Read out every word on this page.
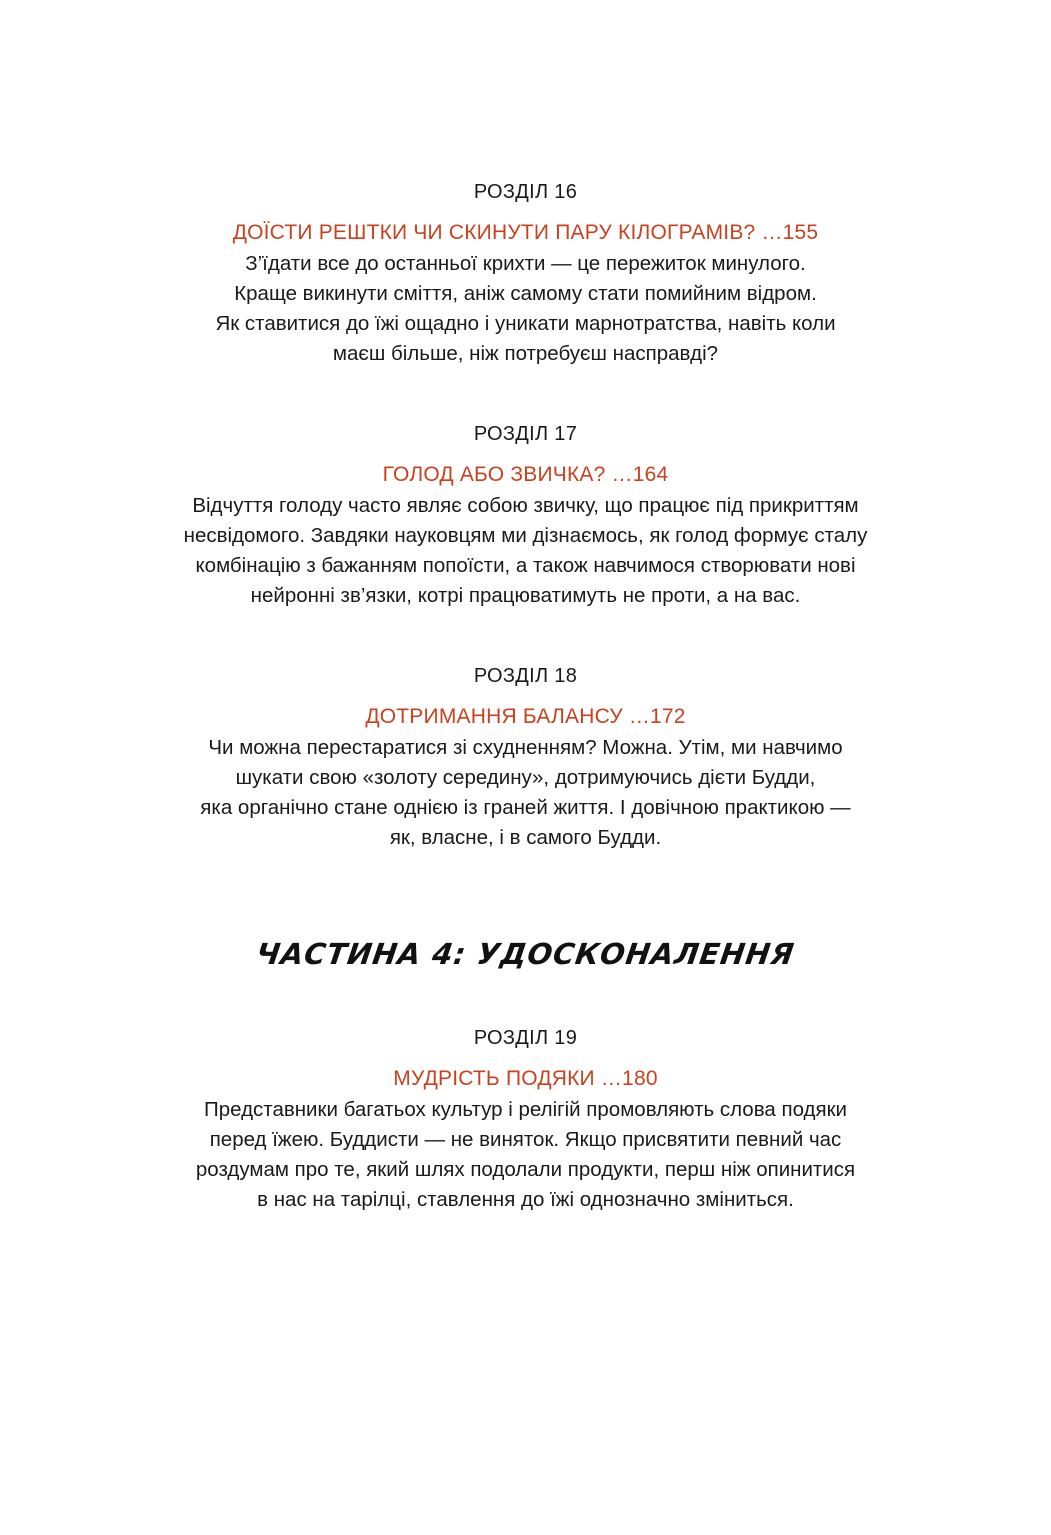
РОЗДІЛ 16

ДОЇСТИ РЕШТКИ ЧИ СКИНУТИ ПАРУ КІЛОГРАМІВ? …155

З’їдати все до останньої крихти — це пережиток минулого.
Краще викинути сміття, аніж самому стати помийним відром.
Як ставитися до їжі ощадно і уникати марнотратства, навіть коли
маєш більше, ніж потребуєш насправді?

РОЗДІЛ 17

ГОЛОД АБО ЗВИЧКА? …164

Відчуття голоду часто являє собою звичку, що працює під прикриттям
несвідомого. Завдяки науковцям ми дізнаємось, як голод формує сталу
комбінацію з бажанням попоїсти, а також навчимося створювати нові
нейронні зв’язки, котрі працюватимуть не проти, а на вас.

РОЗДІЛ 18

ДОТРИМАННЯ БАЛАНСУ …172

Чи можна перестаратися зі схудненням? Можна. Утім, ми навчимо
шукати свою «золоту середину», дотримуючись дієти Будди,
яка органічно стане однією із граней життя. І довічною практикою —
як, власне, і в самого Будди.
ЧАСТИНА 4: УДОСКОНАЛЕННЯ

РОЗДІЛ 19

МУДРІСТЬ ПОДЯКИ …180

Представники багатьох культур і релігій промовляють слова подяки
перед їжею. Буддисти — не виняток. Якщо присвятити певний час
роздумам про те, який шлях подолали продукти, перш ніж опинитися
в нас на тарілці, ставлення до їжі однозначно зміниться.
